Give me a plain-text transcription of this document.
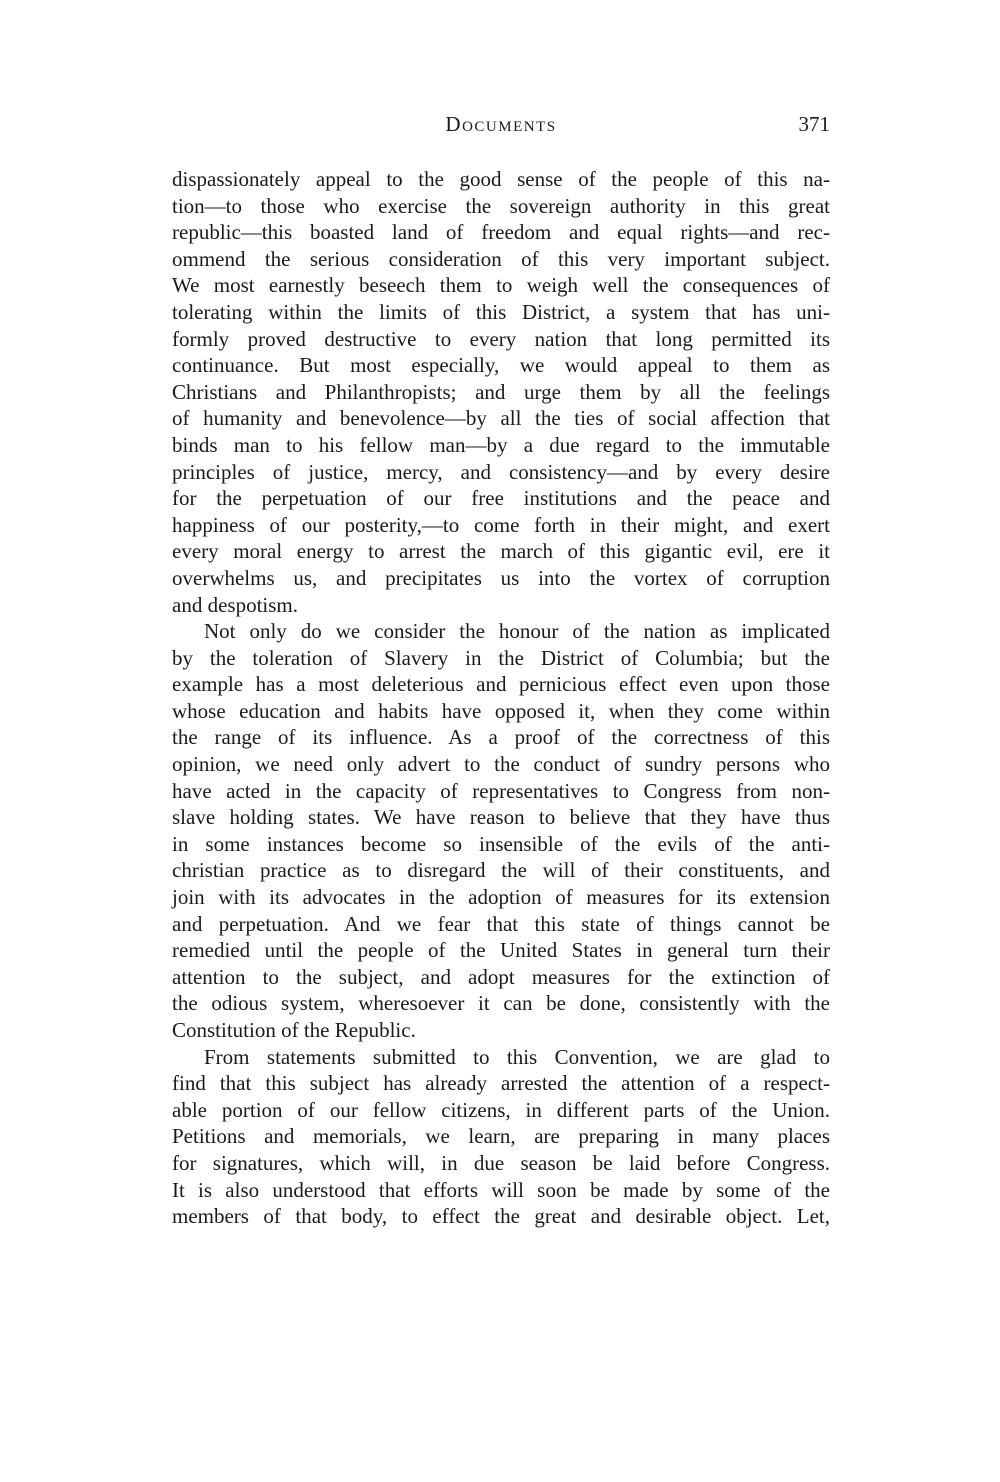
Documents	371
dispassionately appeal to the good sense of the people of this na-
tion—to those who exercise the sovereign authority in this great
republic—this boasted land of freedom and equal rights—and rec-
ommend the serious consideration of this very important subject.
We most earnestly beseech them to weigh well the consequences of
tolerating within the limits of this District, a system that has uni-
formly proved destructive to every nation that long permitted its
continuance. But most especially, we would appeal to them as
Christians and Philanthropists; and urge them by all the feelings
of humanity and benevolence—by all the ties of social affection that
binds man to his fellow man—by a due regard to the immutable
principles of justice, mercy, and consistency—and by every desire
for the perpetuation of our free institutions and the peace and
happiness of our posterity,—to come forth in their might, and exert
every moral energy to arrest the march of this gigantic evil, ere it
overwhelms us, and precipitates us into the vortex of corruption
and despotism.
Not only do we consider the honour of the nation as implicated
by the toleration of Slavery in the District of Columbia; but the
example has a most deleterious and pernicious effect even upon those
whose education and habits have opposed it, when they come within
the range of its influence. As a proof of the correctness of this
opinion, we need only advert to the conduct of sundry persons who
have acted in the capacity of representatives to Congress from non-
slave holding states. We have reason to believe that they have thus
in some instances become so insensible of the evils of the anti-
christian practice as to disregard the will of their constituents, and
join with its advocates in the adoption of measures for its extension
and perpetuation. And we fear that this state of things cannot be
remedied until the people of the United States in general turn their
attention to the subject, and adopt measures for the extinction of
the odious system, wheresoever it can be done, consistently with the
Constitution of the Republic.
From statements submitted to this Convention, we are glad to
find that this subject has already arrested the attention of a respect-
able portion of our fellow citizens, in different parts of the Union.
Petitions and memorials, we learn, are preparing in many places
for signatures, which will, in due season be laid before Congress.
It is also understood that efforts will soon be made by some of the
members of that body, to effect the great and desirable object. Let,
